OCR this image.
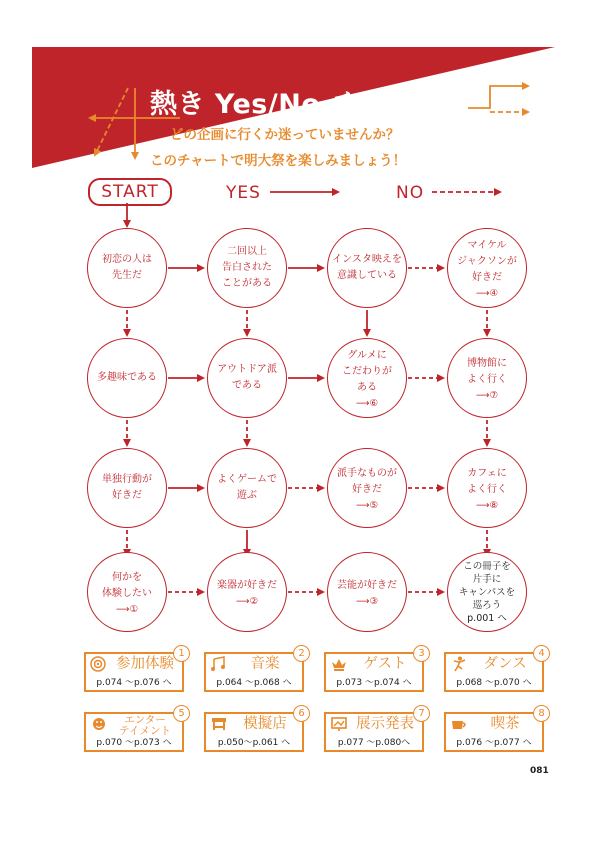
熱き Yes/No チャート
どの企画に行くか迷っていませんか？
このチャートで明大祭を楽しみましょう！
START	YES	NO
初恋の人は
先生だ
二回以上
告白された
ことがある
インスタ映えを
意識している
マイケル
ジャクソンが
好きだ
⟶④
多趣味である
アウトドア派
である
グルメに
こだわりが
ある
⟶⑥
博物館に
よく行く
⟶⑦
単独行動が
好きだ
よくゲームで
遊ぶ
派手なものが
好きだ
⟶⑤
カフェに
よく行く
⟶⑧
何かを
体験したい
⟶①
楽器が好きだ
⟶②
芸能が好きだ
⟶③
この冊子を
片手に
キャンパスを
巡ろう
p.001 へ
1
参加体験
p.074 ～p.076 へ
2
音楽
p.064 ～p.068 へ
3
ゲスト
p.073 ～p.074 へ
4
ダンス
p.068 ～p.070 へ
5
エンター
テイメント
p.070 ～p.073 へ
6
模擬店
p.050～p.061 へ
7
展示発表
p.077 ～p.080へ
8
喫茶
p.076 ～p.077 へ
081
